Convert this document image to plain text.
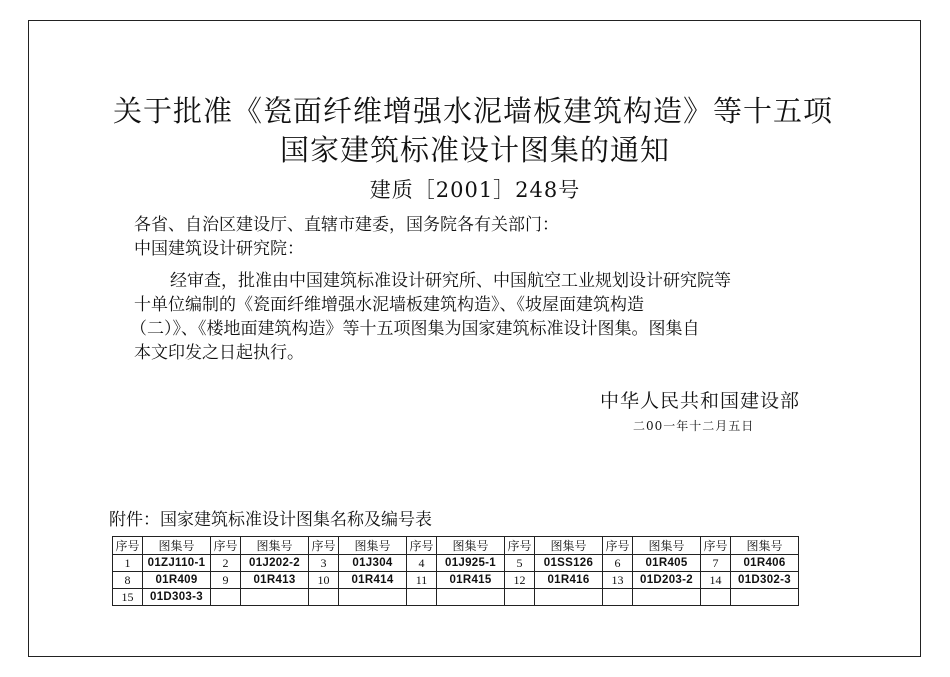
关于批准《瓷面纤维增强水泥墙板建筑构造》等十五项
国家建筑标准设计图集的通知
建质［2001］248号
各省、自治区建设厅、直辖市建委，国务院各有关部门：
中国建筑设计研究院：
经审查，批准由中国建筑标准设计研究所、中国航空工业规划设计研究院等
十单位编制的《瓷面纤维增强水泥墙板建筑构造》、《坡屋面建筑构造
（二）》、《楼地面建筑构造》等十五项图集为国家建筑标准设计图集。图集自
本文印发之日起执行。
中华人民共和国建设部
二00一年十二月五日
附件：国家建筑标准设计图集名称及编号表
序号	图集号	序号	图集号	序号	图集号	序号	图集号	序号	图集号	序号	图集号	序号	图集号
1	01ZJ110-1	2	01J202-2	3	01J304	4	01J925-1	5	01SS126	6	01R405	7	01R406
8	01R409	9	01R413	10	01R414	11	01R415	12	01R416	13	01D203-2	14	01D302-3
15	01D303-3												
